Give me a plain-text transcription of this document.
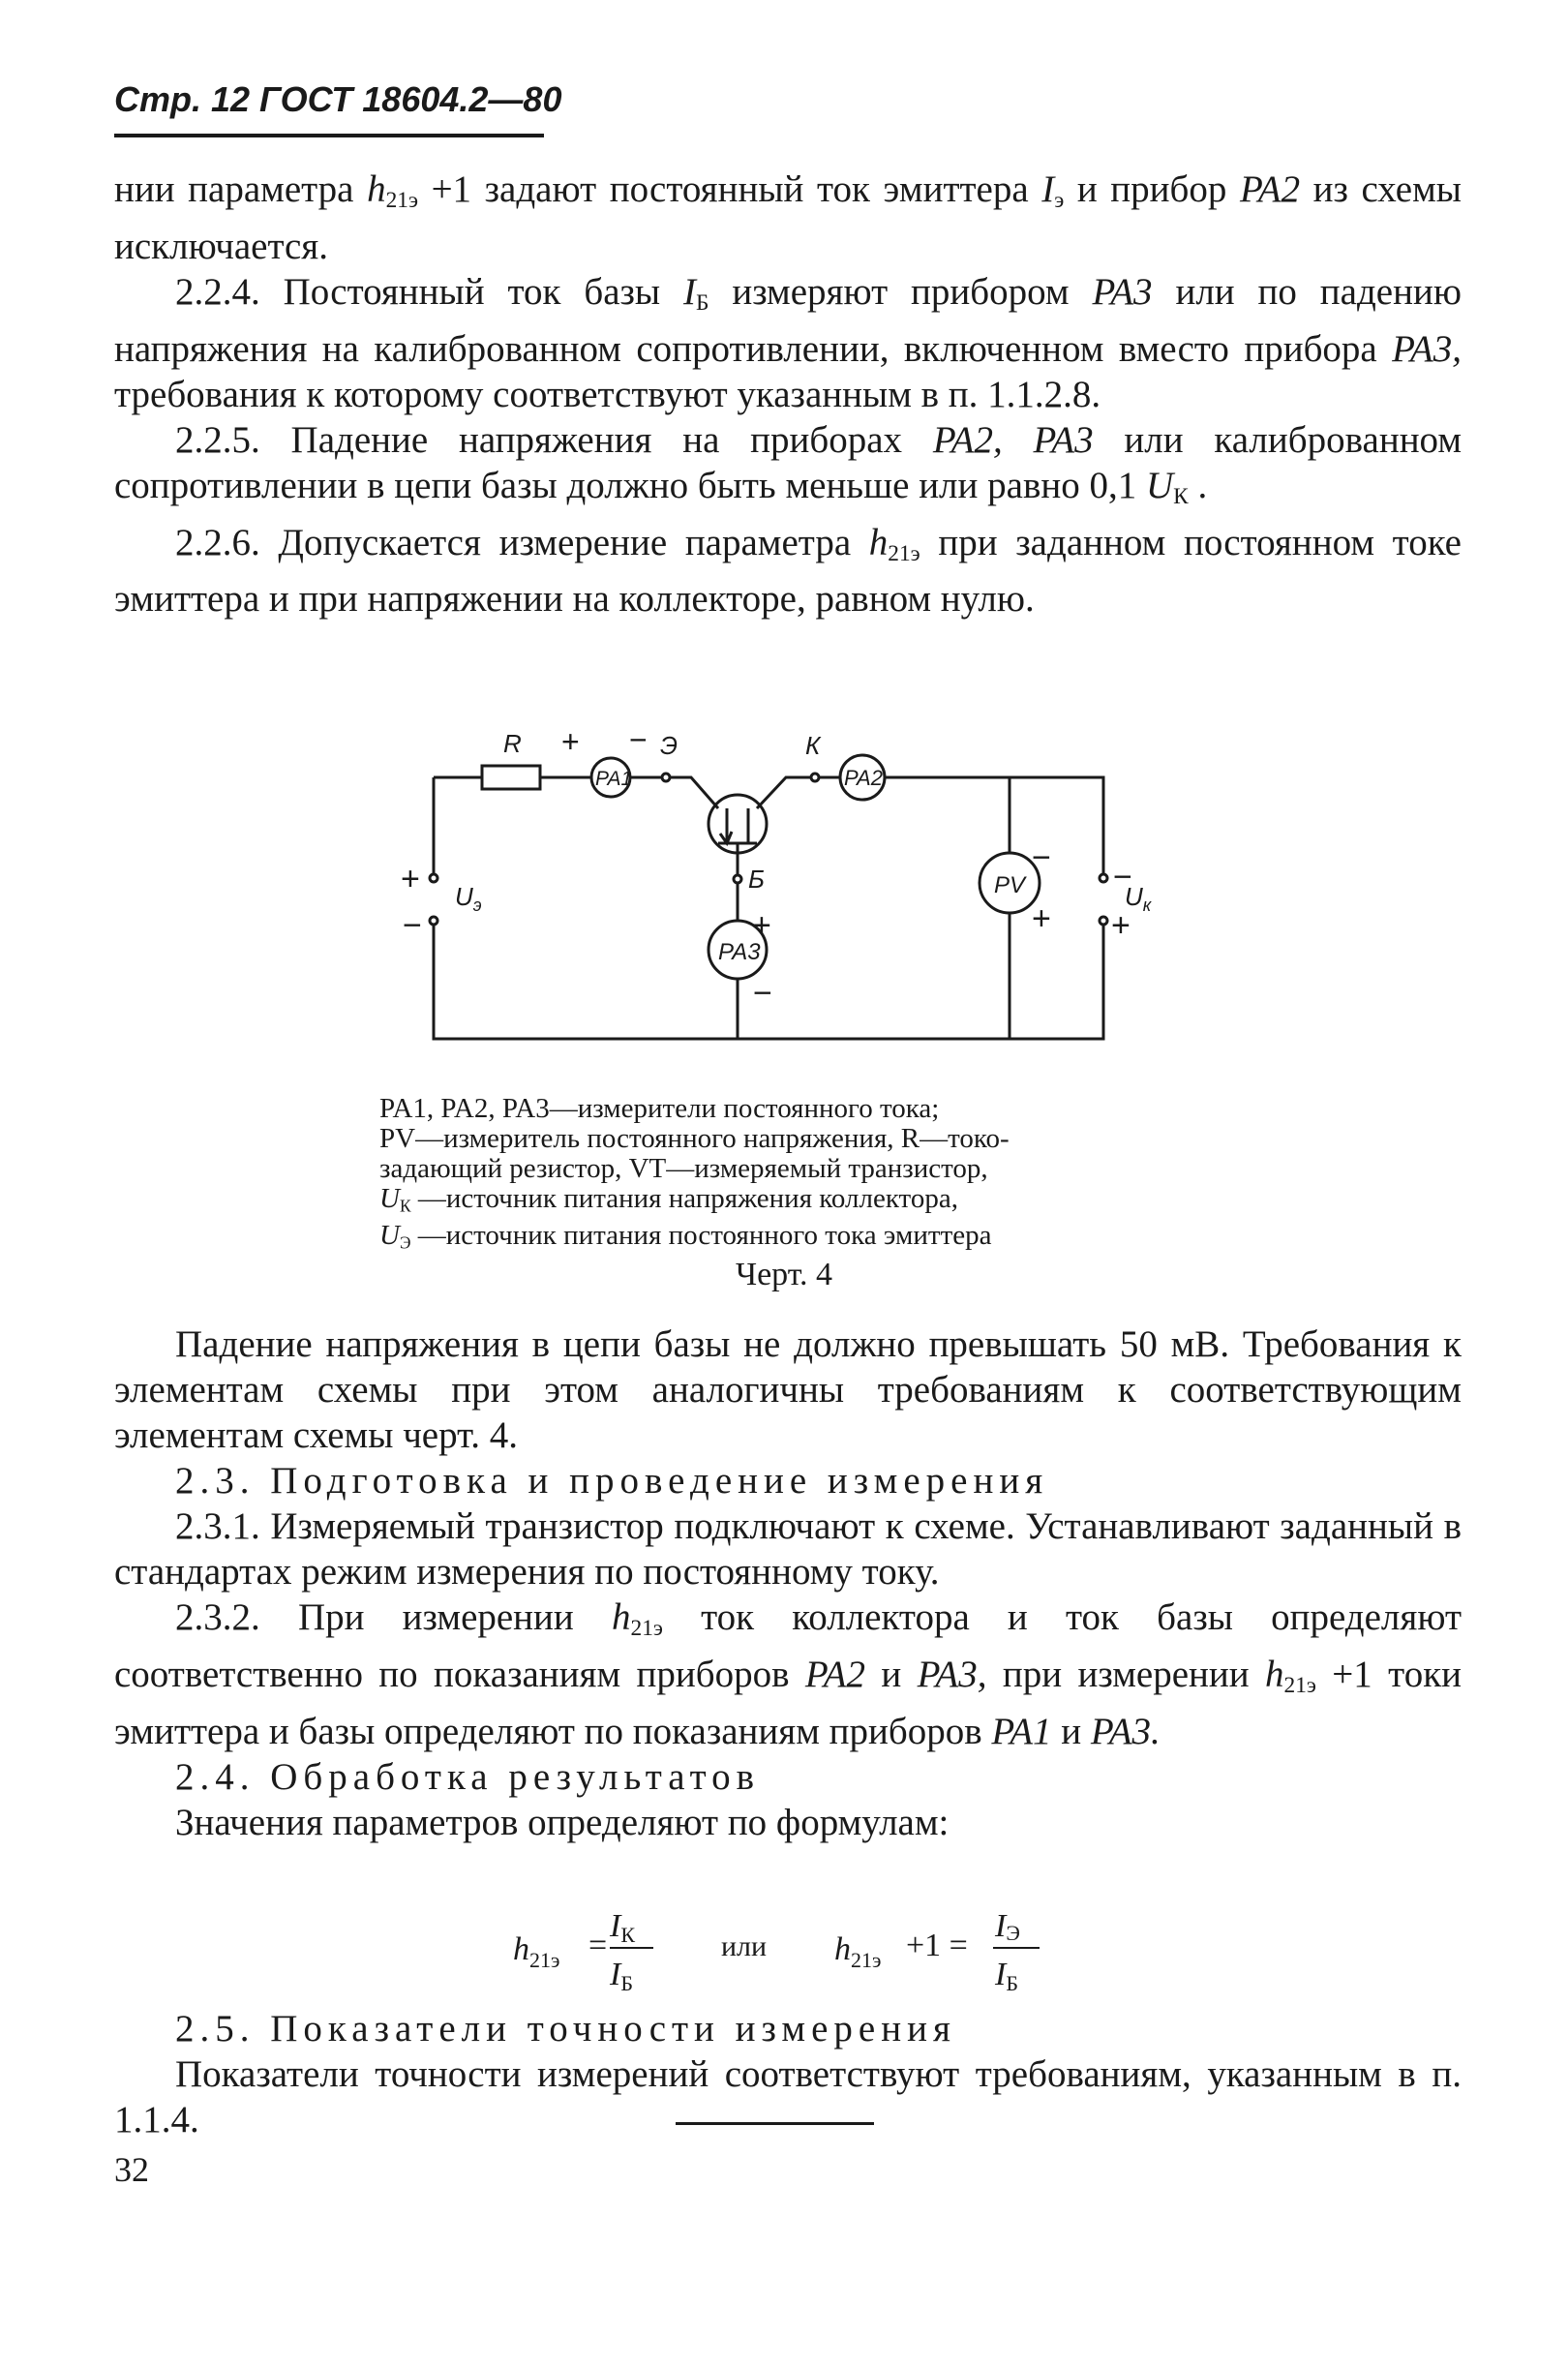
Стр. 12 ГОСТ 18604.2—80

нии параметра $h_{21э} +1$ задают постоянный ток эмиттера $I_э$ и прибор PA2 из схемы исключается.

2.2.4. Постоянный ток базы $I_Б$ измеряют прибором PA3 или по падению напряжения на калиброванном сопротивлении, включенном вместо прибора PA3, требования к которому соответствуют указанным в п. 1.1.2.8.

2.2.5. Падение напряжения на приборах PA2, PA3 или калиброванном сопротивлении в цепи базы должно быть меньше или равно 0,1 $U_К$ .

2.2.6. Допускается измерение параметра $h_{21э}$ при заданном постоянном токе эмиттера и при напряжении на коллекторе, равном нулю.

R + − Э	К
Б
PA1	PA2
PA3
PV
+
−
+
−
$U_э$
−
+
−
$U_к$
+
PA1, PA2, PA3—измерители постоянного тока;
PV—измеритель постоянного напряжения, R—токо-
задающий резистор, VT—измеряемый транзистор,
$U_К$ —источник питания напряжения коллектора,
$U_Э$ —источник питания постоянного тока эмиттера
Черт. 4

Падение напряжения в цепи базы не должно превышать 50 мВ. Требования к элементам схемы при этом аналогичны требованиям к соответствующим элементам схемы черт. 4.

2.3. Подготовка и проведение измерения

2.3.1. Измеряемый транзистор подключают к схеме. Устанавливают заданный в стандартах режим измерения по постоянному току.

2.3.2. При измерении $h_{21э}$ ток коллектора и ток базы определяют соответственно по показаниям приборов PA2 и PA3, при измерении $h_{21э} +1$ токи эмиттера и базы определяют по показаниям приборов PA1 и PA3.

2.4. Обработка результатов

Значения параметров определяют по формулам:

$h_{21э}$ =
IК
IБ
или $h_{21э} +1$ =
IЭ
IБ

2.5. Показатели точности измерения

Показатели точности измерений соответствуют требованиям, указанным в п. 1.1.4.

32
